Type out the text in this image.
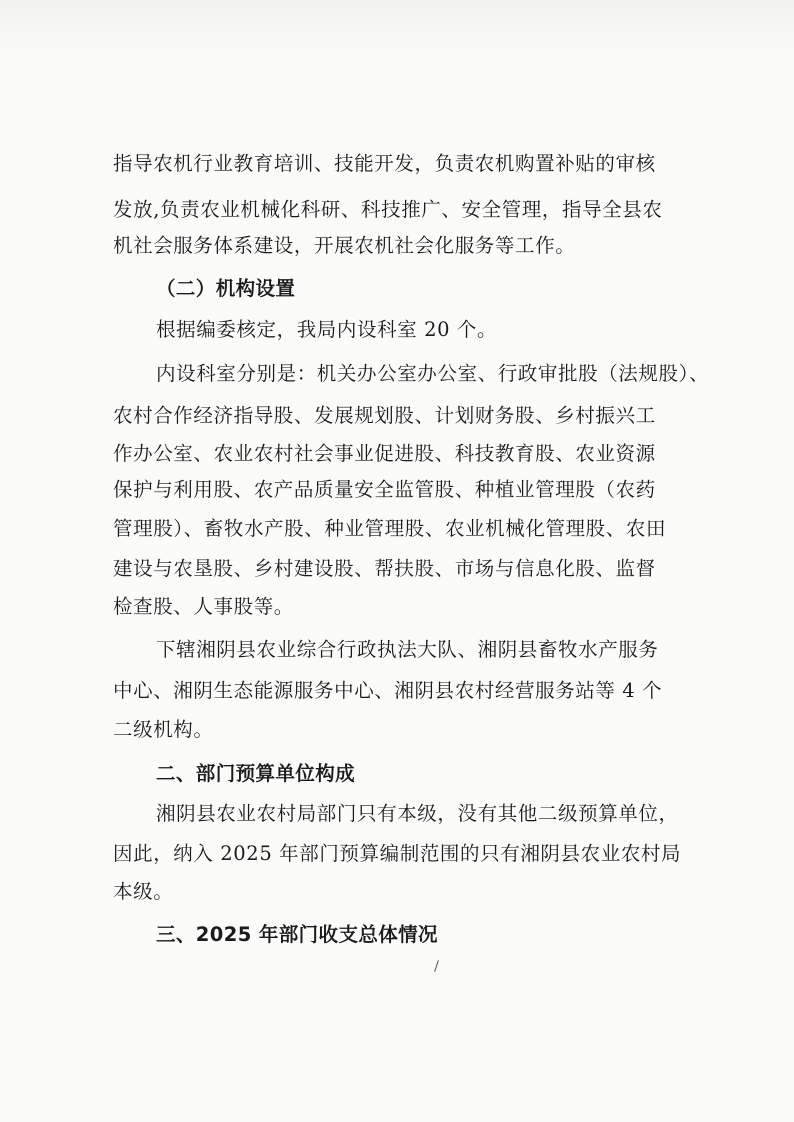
指导农机行业教育培训、技能开发，负责农机购置补贴的审核
发放,负责农业机械化科研、科技推广、安全管理，指导全县农
机社会服务体系建设，开展农机社会化服务等工作。
（二）机构设置
根据编委核定，我局内设科室 20 个。
内设科室分别是：机关办公室办公室、行政审批股（法规股）、
农村合作经济指导股、发展规划股、计划财务股、乡村振兴工
作办公室、农业农村社会事业促进股、科技教育股、农业资源
保护与利用股、农产品质量安全监管股、种植业管理股（农药
管理股）、畜牧水产股、种业管理股、农业机械化管理股、农田
建设与农垦股、乡村建设股、帮扶股、市场与信息化股、监督
检查股、人事股等。
下辖湘阴县农业综合行政执法大队、湘阴县畜牧水产服务
中心、湘阴生态能源服务中心、湘阴县农村经营服务站等 4 个
二级机构。
二、部门预算单位构成
湘阴县农业农村局部门只有本级，没有其他二级预算单位，
因此，纳入 2025 年部门预算编制范围的只有湘阴县农业农村局
本级。
三、2025 年部门收支总体情况
